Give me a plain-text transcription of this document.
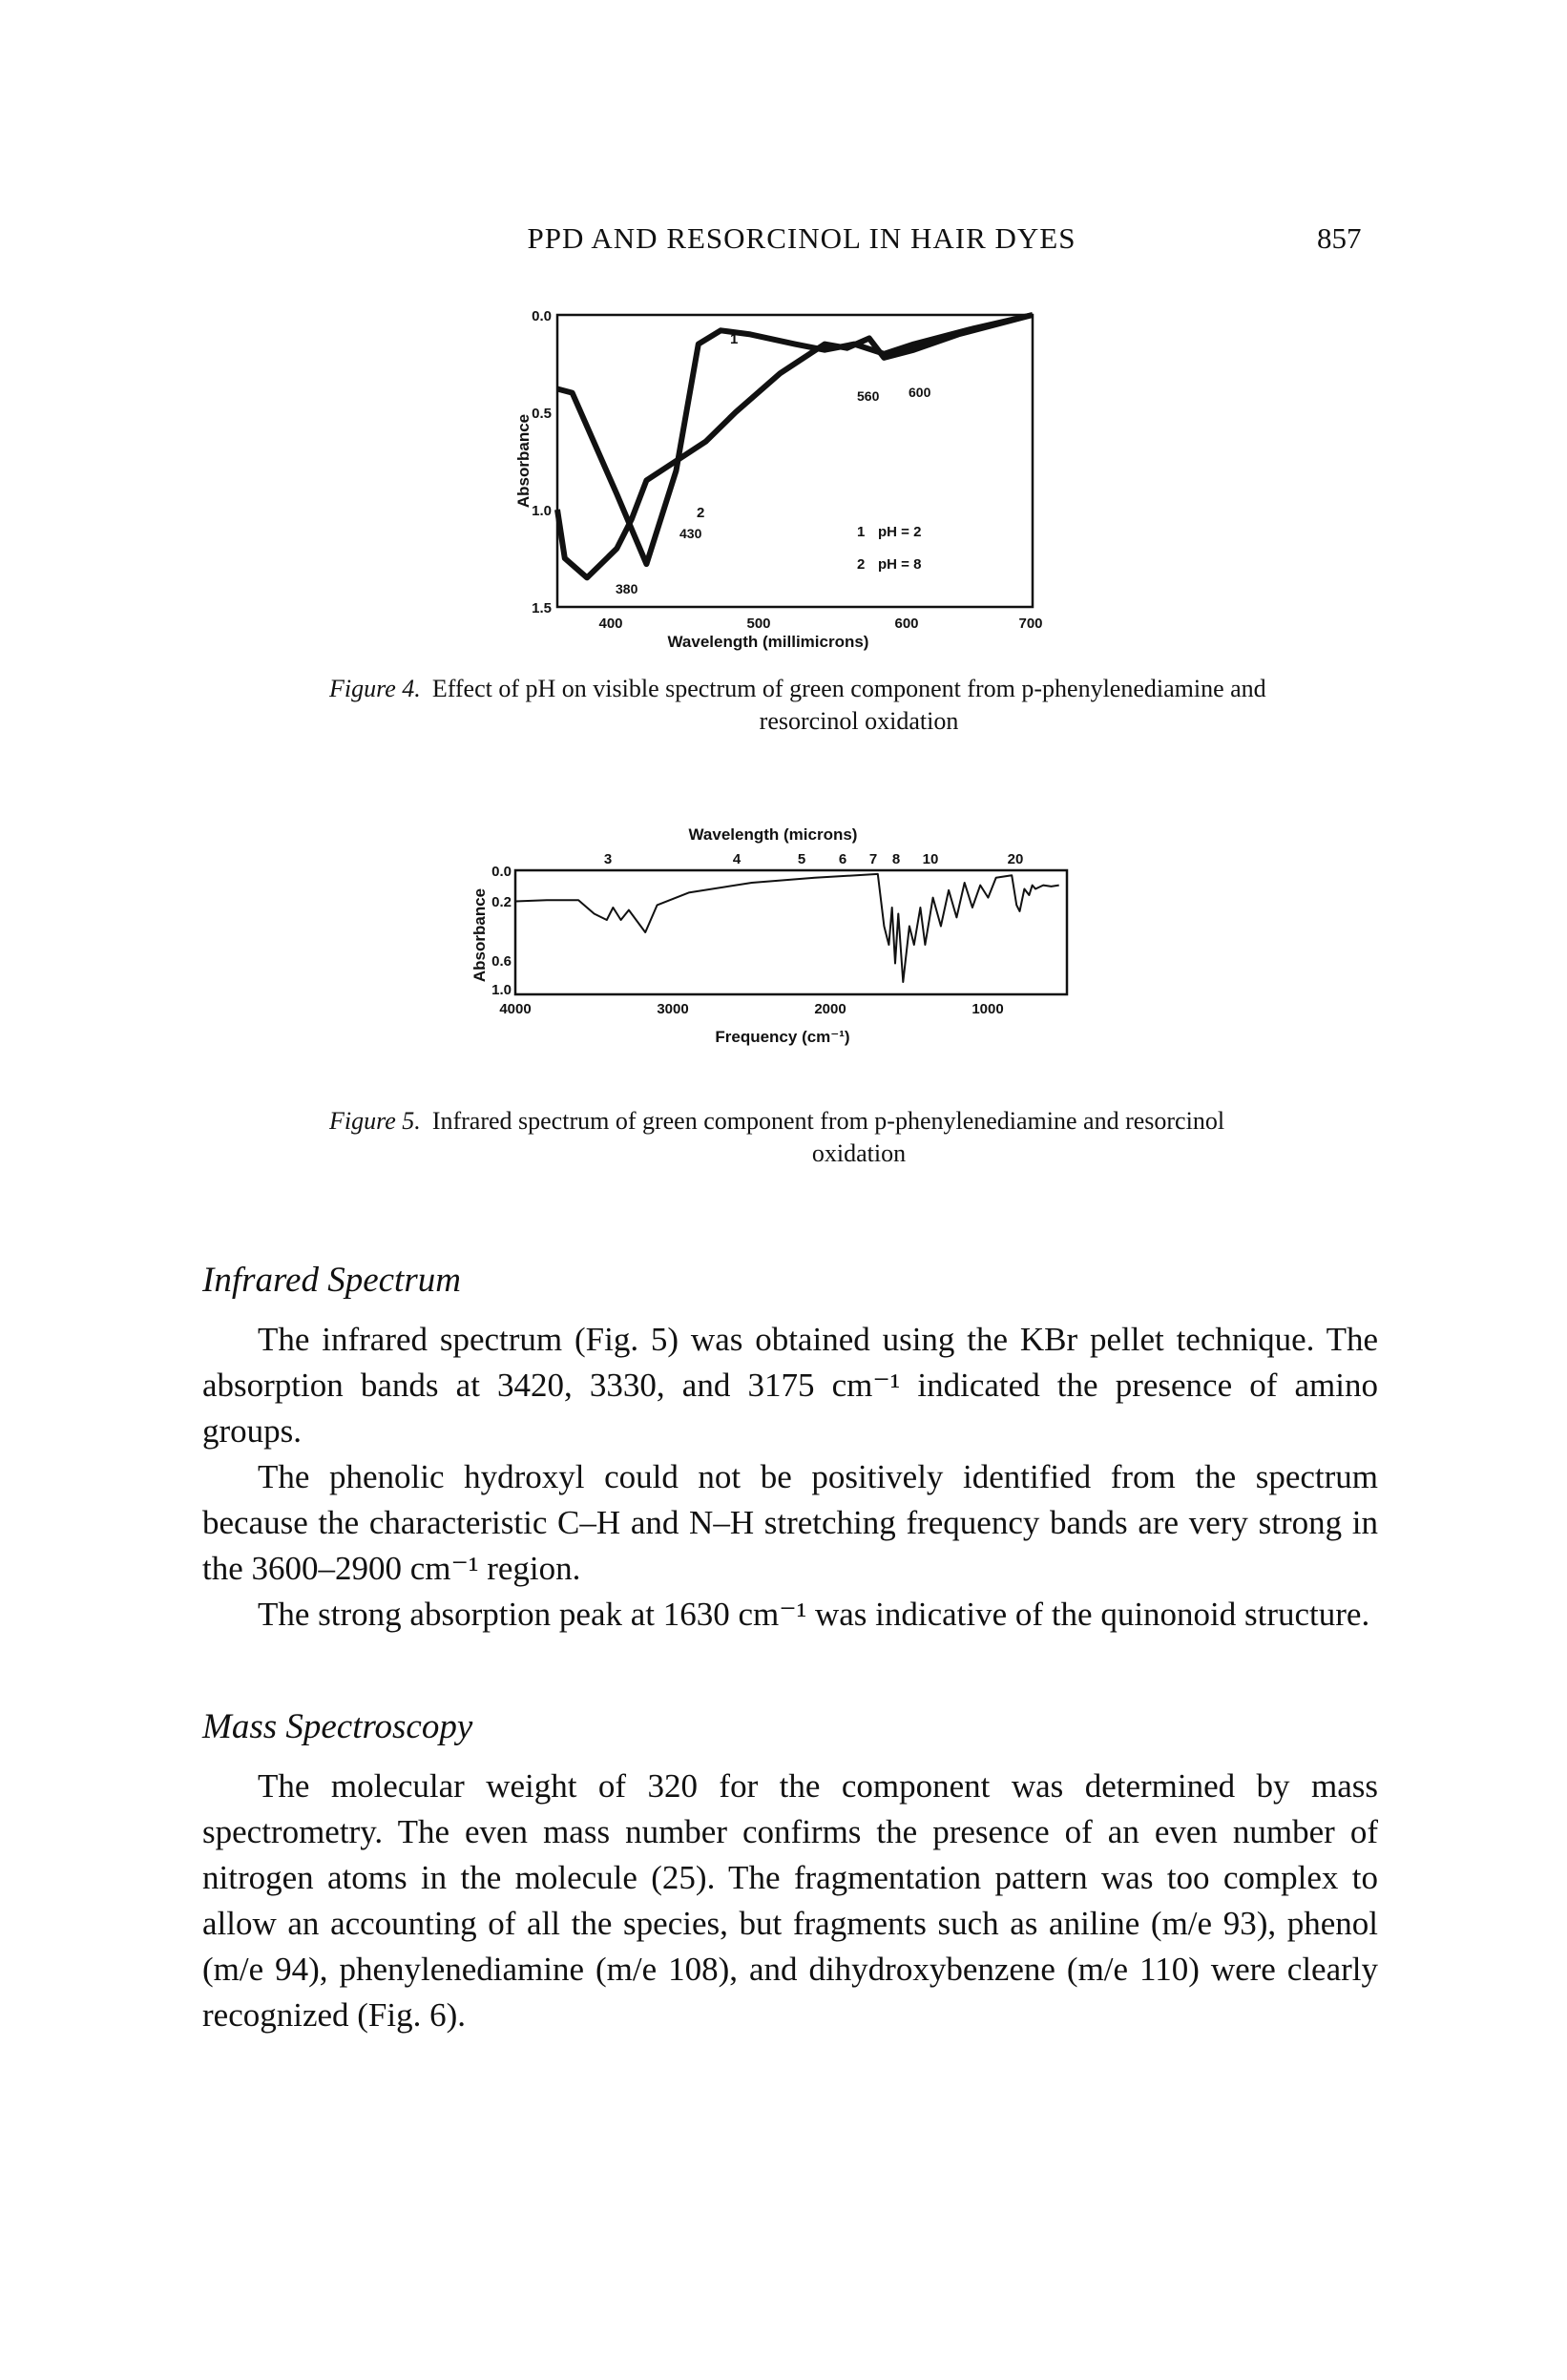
PPD AND RESORCINOL IN HAIR DYES	857
Absorbance
Wavelength (millimicrons)
0.0
0.5
1.0
1.5
400	500	600	700
1
2
380
430
560 600
1 pH = 2
2 pH = 8
Figure 4. Effect of pH on visible spectrum of green component from p-phenylenediamine and
resorcinol oxidation
Wavelength (microns)
3	4	5 6 7 8 10	20
Absorbance
0.0
0.2
0.6
1.0
4000	3000	2000	1000
Frequency (cm⁻¹)
Figure 5. Infrared spectrum of green component from p-phenylenediamine and resorcinol
oxidation
Infrared Spectrum

The infrared spectrum (Fig. 5) was obtained using the KBr pellet technique. The absorption bands at 3420, 3330, and 3175 cm⁻¹ indicated the presence of amino groups.

The phenolic hydroxyl could not be positively identified from the spectrum because the characteristic C–H and N–H stretching frequency bands are very strong in the 3600–2900 cm⁻¹ region.

The strong absorption peak at 1630 cm⁻¹ was indicative of the quinonoid structure.

Mass Spectroscopy

The molecular weight of 320 for the component was determined by mass spectrometry. The even mass number confirms the presence of an even number of nitrogen atoms in the molecule (25). The fragmentation pattern was too complex to allow an accounting of all the species, but fragments such as aniline (m/e 93), phenol (m/e 94), phenylenediamine (m/e 108), and dihydroxybenzene (m/e 110) were clearly recognized (Fig. 6).
